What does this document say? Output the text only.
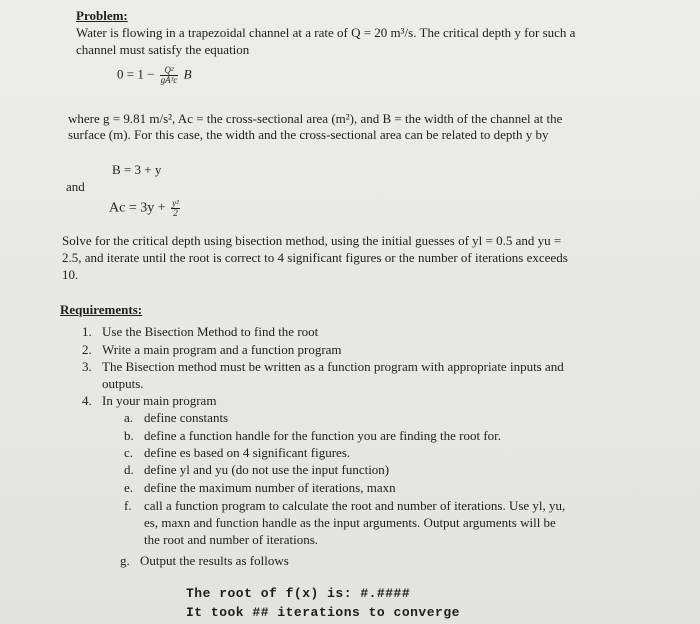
Problem:
Water is flowing in a trapezoidal channel at a rate of Q = 20 m³/s. The critical depth y for such a
channel must satisfy the equation
$0 = 1 - \frac{\text{Q²}}{\text{gA³c}}$ B
where g = 9.81 m/s², Ac = the cross-sectional area (m²), and B = the width of the channel at the
surface (m). For this case, the width and the cross-sectional area can be related to depth y by
B = 3 + y
and
$Ac = 3y + \frac{\text{y²}}{2}$
Solve for the critical depth using bisection method, using the initial guesses of yl = 0.5 and yu =
2.5, and iterate until the root is correct to 4 significant figures or the number of iterations exceeds
10.
Requirements:
1. Use the Bisection Method to find the root
2. Write a main program and a function program
3. The Bisection method must be written as a function program with appropriate inputs and
outputs.
4. In your main program
a. define constants
b. define a function handle for the function you are finding the root for.
c. define es based on 4 significant figures.
d. define yl and yu (do not use the input function)
e. define the maximum number of iterations, maxn
f. call a function program to calculate the root and number of iterations. Use yl, yu,
es, maxn and function handle as the input arguments. Output arguments will be
the root and number of iterations.
g. Output the results as follows
The root of f(x) is: #.####
It took ## iterations to converge
